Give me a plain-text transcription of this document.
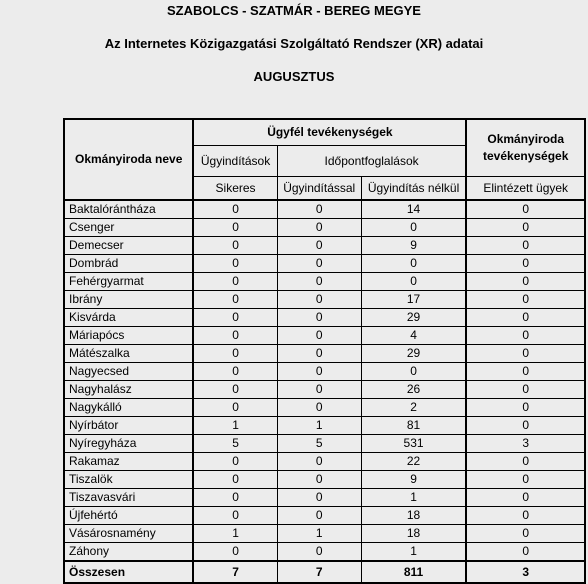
SZABOLCS - SZATMÁR - BEREG MEGYE
Az Internetes Közigazgatási Szolgáltató Rendszer (XR) adatai
AUGUSZTUS
Okmányiroda neve	Ügyfél tevékenységek			Okmányiroda tevékenységek
	Ügyindítások	Időpontfoglalások		
	Sikeres	Ügyindítással	Ügyindítás nélkül	Elintézett ügyek
Baktalórántháza	0	0	14	0
Csenger	0	0	0	0
Demecser	0	0	9	0
Dombrád	0	0	0	0
Fehérgyarmat	0	0	0	0
Ibrány	0	0	17	0
Kisvárda	0	0	29	0
Máriapócs	0	0	4	0
Mátészalka	0	0	29	0
Nagyecsed	0	0	0	0
Nagyhalász	0	0	26	0
Nagykálló	0	0	2	0
Nyírbátor	1	1	81	0
Nyíregyháza	5	5	531	3
Rakamaz	0	0	22	0
Tiszalök	0	0	9	0
Tiszavasvári	0	0	1	0
Újfehértó	0	0	18	0
Vásárosnamény	1	1	18	0
Záhony	0	0	1	0
Összesen	7	7	811	3
